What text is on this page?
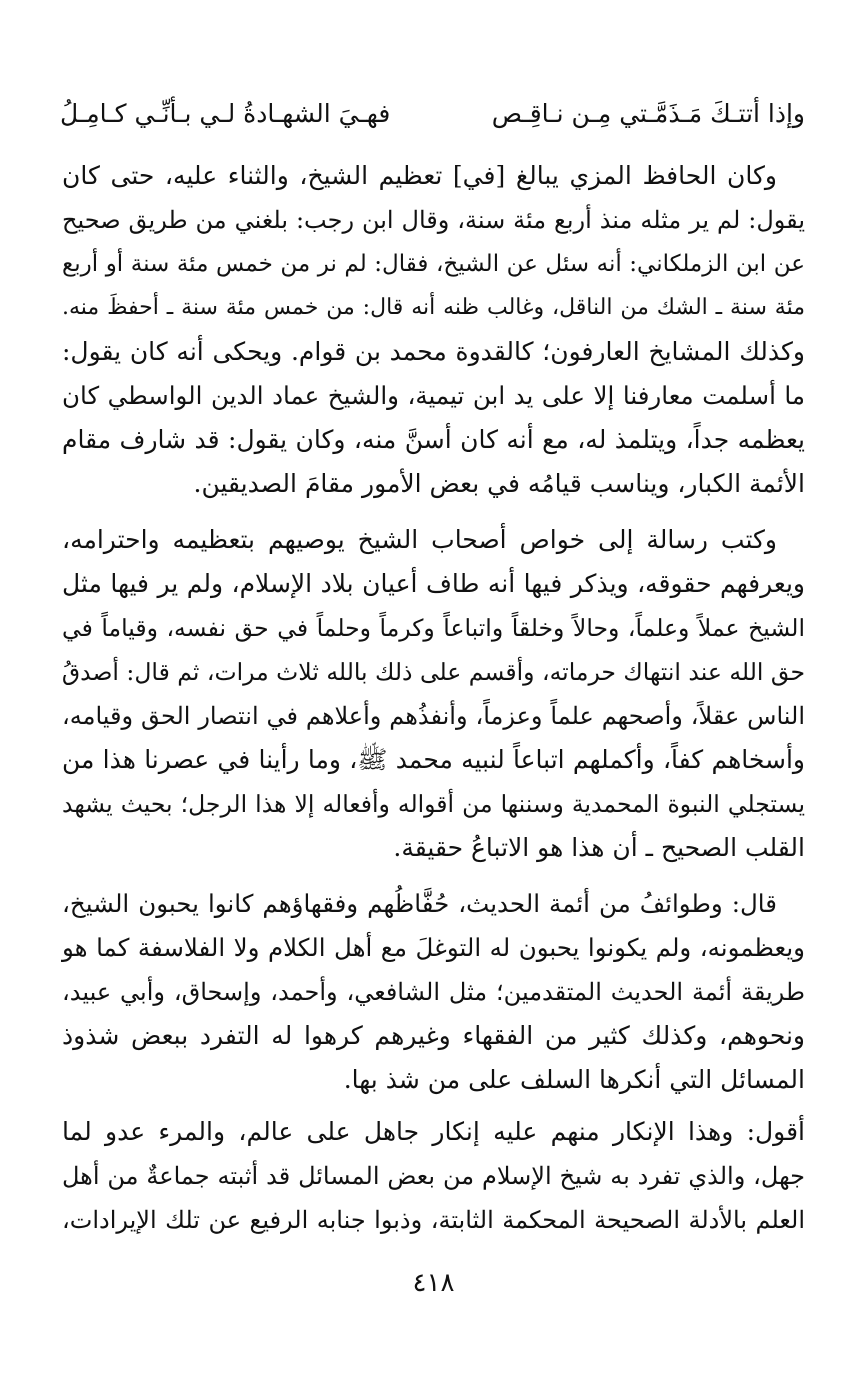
وإذا أتتـكَ مَـذَمَّـتي مِـن نـاقِـص
فهـيَ الشهـادةُ لـي بـأنِّـي كـامِـلُ
وكان الحافظ المزي يبالغ [في] تعظيم الشيخ، والثناء عليه، حتى كان
يقول: لم ير مثله منذ أربع مئة سنة، وقال ابن رجب: بلغني من طريق صحيح
عن ابن الزملكاني: أنه سئل عن الشيخ، فقال: لم نر من خمس مئة سنة أو أربع
مئة سنة ـ الشك من الناقل، وغالب ظنه أنه قال: من خمس مئة سنة ـ أحفظَ منه.
وكذلك المشايخ العارفون؛ كالقدوة محمد بن قوام. ويحكى أنه كان يقول:
ما أسلمت معارفنا إلا على يد ابن تيمية، والشيخ عماد الدين الواسطي كان
يعظمه جداً، ويتلمذ له، مع أنه كان أسنَّ منه، وكان يقول: قد شارف مقام
الأئمة الكبار، ويناسب قيامُه في بعض الأمور مقامَ الصديقين.
وكتب رسالة إلى خواص أصحاب الشيخ يوصيهم بتعظيمه واحترامه،
ويعرفهم حقوقه، ويذكر فيها أنه طاف أعيان بلاد الإسلام، ولم ير فيها مثل
الشيخ عملاً وعلماً، وحالاً وخلقاً واتباعاً وكرماً وحلماً في حق نفسه، وقياماً في
حق الله عند انتهاك حرماته، وأقسم على ذلك بالله ثلاث مرات، ثم قال: أصدقُ
الناس عقلاً، وأصحهم علماً وعزماً، وأنفذُهم وأعلاهم في انتصار الحق وقيامه،
وأسخاهم كفاً، وأكملهم اتباعاً لنبيه محمد ﷺ، وما رأينا في عصرنا هذا من
يستجلي النبوة المحمدية وسننها من أقواله وأفعاله إلا هذا الرجل؛ بحيث يشهد
القلب الصحيح ـ أن هذا هو الاتباعُ حقيقة.
قال: وطوائفُ من أئمة الحديث، حُفَّاظُهم وفقهاؤهم كانوا يحبون الشيخ،
ويعظمونه، ولم يكونوا يحبون له التوغلَ مع أهل الكلام ولا الفلاسفة كما هو
طريقة أئمة الحديث المتقدمين؛ مثل الشافعي، وأحمد، وإسحاق، وأبي عبيد،
ونحوهم، وكذلك كثير من الفقهاء وغيرهم كرهوا له التفرد ببعض شذوذ
المسائل التي أنكرها السلف على من شذ بها.
أقول: وهذا الإنكار منهم عليه إنكار جاهل على عالم، والمرء عدو لما
جهل، والذي تفرد به شيخ الإسلام من بعض المسائل قد أثبته جماعةٌ من أهل
العلم بالأدلة الصحيحة المحكمة الثابتة، وذبوا جنابه الرفيع عن تلك الإيرادات،
٤١٨
